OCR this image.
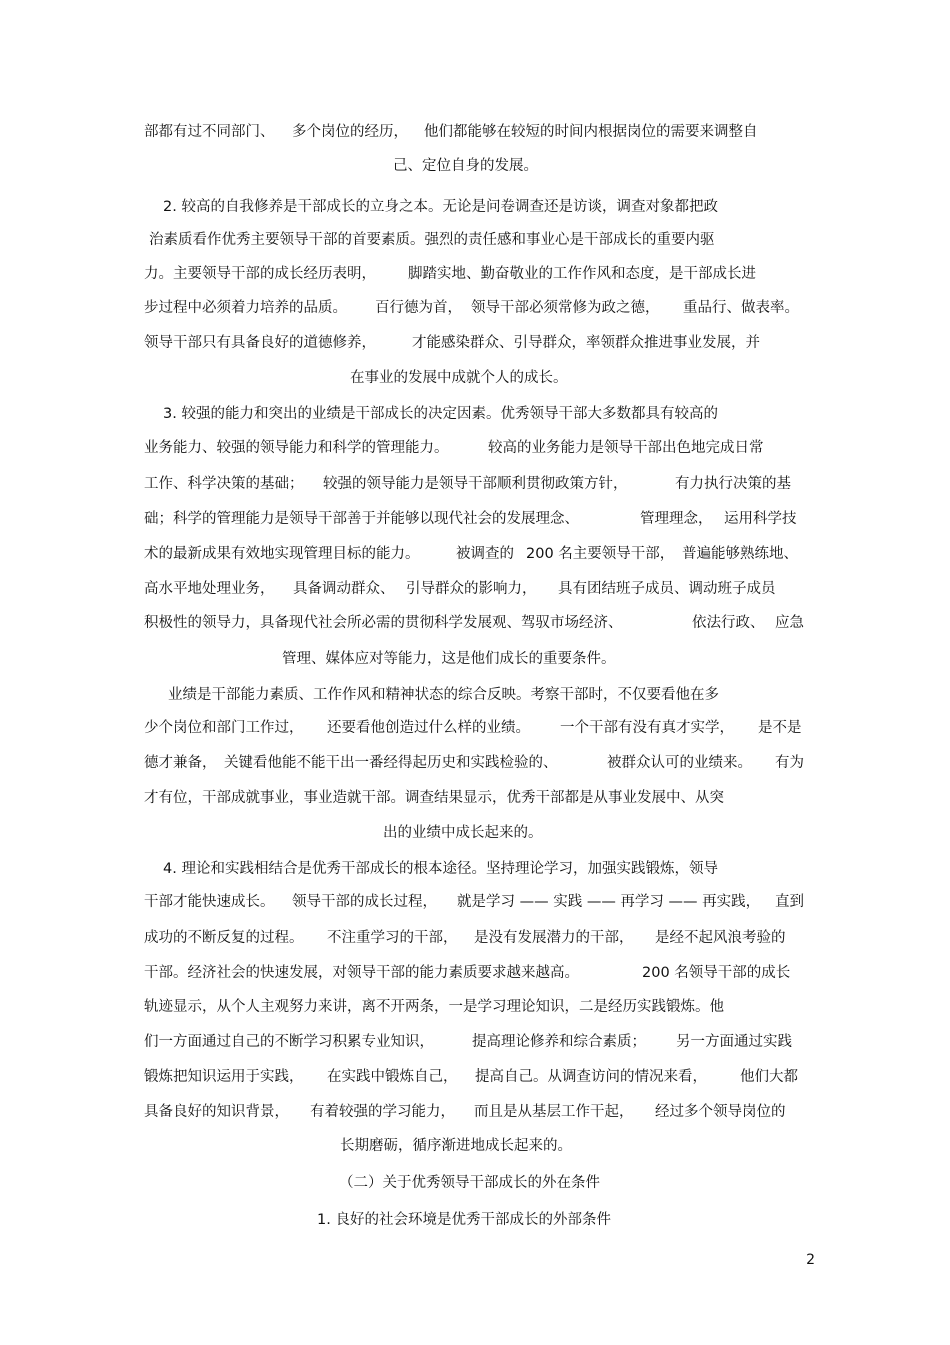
部都有过不同部门、

多个岗位的经历，

他们都能够在较短的时间内根据岗位的需要来调整自

己、定位自身的发展。

2. 较高的自我修养是干部成长的立身之本。无论是问卷调查还是访谈，调查对象都把政

治素质看作优秀主要领导干部的首要素质。强烈的责任感和事业心是干部成长的重要内驱

力。主要领导干部的成长经历表明，

脚踏实地、勤奋敬业的工作作风和态度，是干部成长进

步过程中必须着力培养的品质。

百行德为首，

领导干部必须常修为政之德，

重品行、做表率。

领导干部只有具备良好的道德修养，

才能感染群众、引导群众，率领群众推进事业发展，并

在事业的发展中成就个人的成长。

3. 较强的能力和突出的业绩是干部成长的决定因素。优秀领导干部大多数都具有较高的

业务能力、较强的领导能力和科学的管理能力。

	较高的业务能力是领导干部出色地完成日常

工作、科学决策的基础；

较强的领导能力是领导干部顺利贯彻政策方针，

	有力执行决策的基

础；科学的管理能力是领导干部善于并能够以现代社会的发展理念、

	管理理念，

运用科学技

术的最新成果有效地实现管理目标的能力。

	被调查的

200 名主要领导干部，

普遍能够熟练地、

高水平地处理业务，

具备调动群众、

引导群众的影响力，

具有团结班子成员、调动班子成员

积极性的领导力，具备现代社会所必需的贯彻科学发展观、驾驭市场经济、

	依法行政、

应急

管理、媒体应对等能力，这是他们成长的重要条件。

业绩是干部能力素质、工作作风和精神状态的综合反映。考察干部时，不仅要看他在多

少个岗位和部门工作过，

还要看他创造过什么样的业绩。

一个干部有没有真才实学，

是不是

德才兼备，

关键看他能不能干出一番经得起历史和实践检验的、

	被群众认可的业绩来。

有为

才有位，干部成就事业，事业造就干部。调查结果显示，优秀干部都是从事业发展中、从突

出的业绩中成长起来的。

4. 理论和实践相结合是优秀干部成长的根本途径。坚持理论学习，加强实践锻炼，领导

干部才能快速成长。

领导干部的成长过程，

就是学习 —— 实践 —— 再学习 —— 再实践，

直到

成功的不断反复的过程。

不注重学习的干部，

是没有发展潜力的干部，

是经不起风浪考验的

干部。经济社会的快速发展，对领导干部的能力素质要求越来越高。

	200 名领导干部的成长

轨迹显示，从个人主观努力来讲，离不开两条，一是学习理论知识，二是经历实践锻炼。他

们一方面通过自己的不断学习积累专业知识，

	提高理论修养和综合素质；

另一方面通过实践

锻炼把知识运用于实践，

在实践中锻炼自己，

提高自己。从调查访问的情况来看，

他们大都

具备良好的知识背景，

有着较强的学习能力，

而且是从基层工作干起，

经过多个领导岗位的

长期磨砺，循序渐进地成长起来的。

（二）关于优秀领导干部成长的外在条件

1. 良好的社会环境是优秀干部成长的外部条件

2
